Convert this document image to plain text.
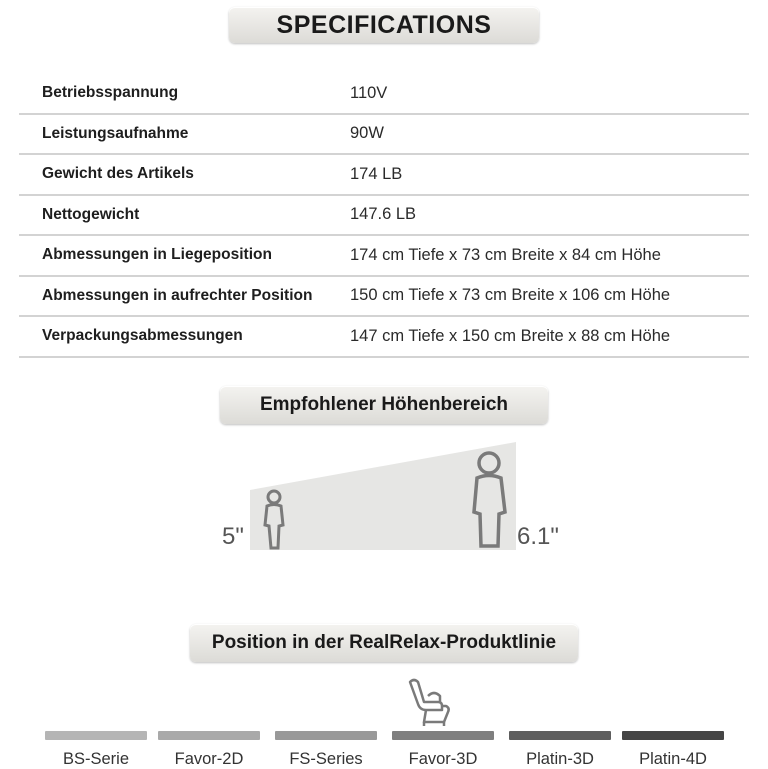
SPECIFICATIONS
Betriebsspannung	110V
Leistungsaufnahme	90W
Gewicht des Artikels	174 LB
Nettogewicht	147.6 LB
Abmessungen in Liegeposition	174 cm Tiefe x 73 cm Breite x 84 cm Höhe
Abmessungen in aufrechter Position	150 cm Tiefe x 73 cm Breite x 106 cm Höhe
Verpackungsabmessungen	147 cm Tiefe x 150 cm Breite x 88 cm Höhe
Empfohlener Höhenbereich
5"	6.1"
Position in der RealRelax-Produktlinie
BS-Serie	Favor-2D	FS-Series	Favor-3D	Platin-3D	Platin-4D
